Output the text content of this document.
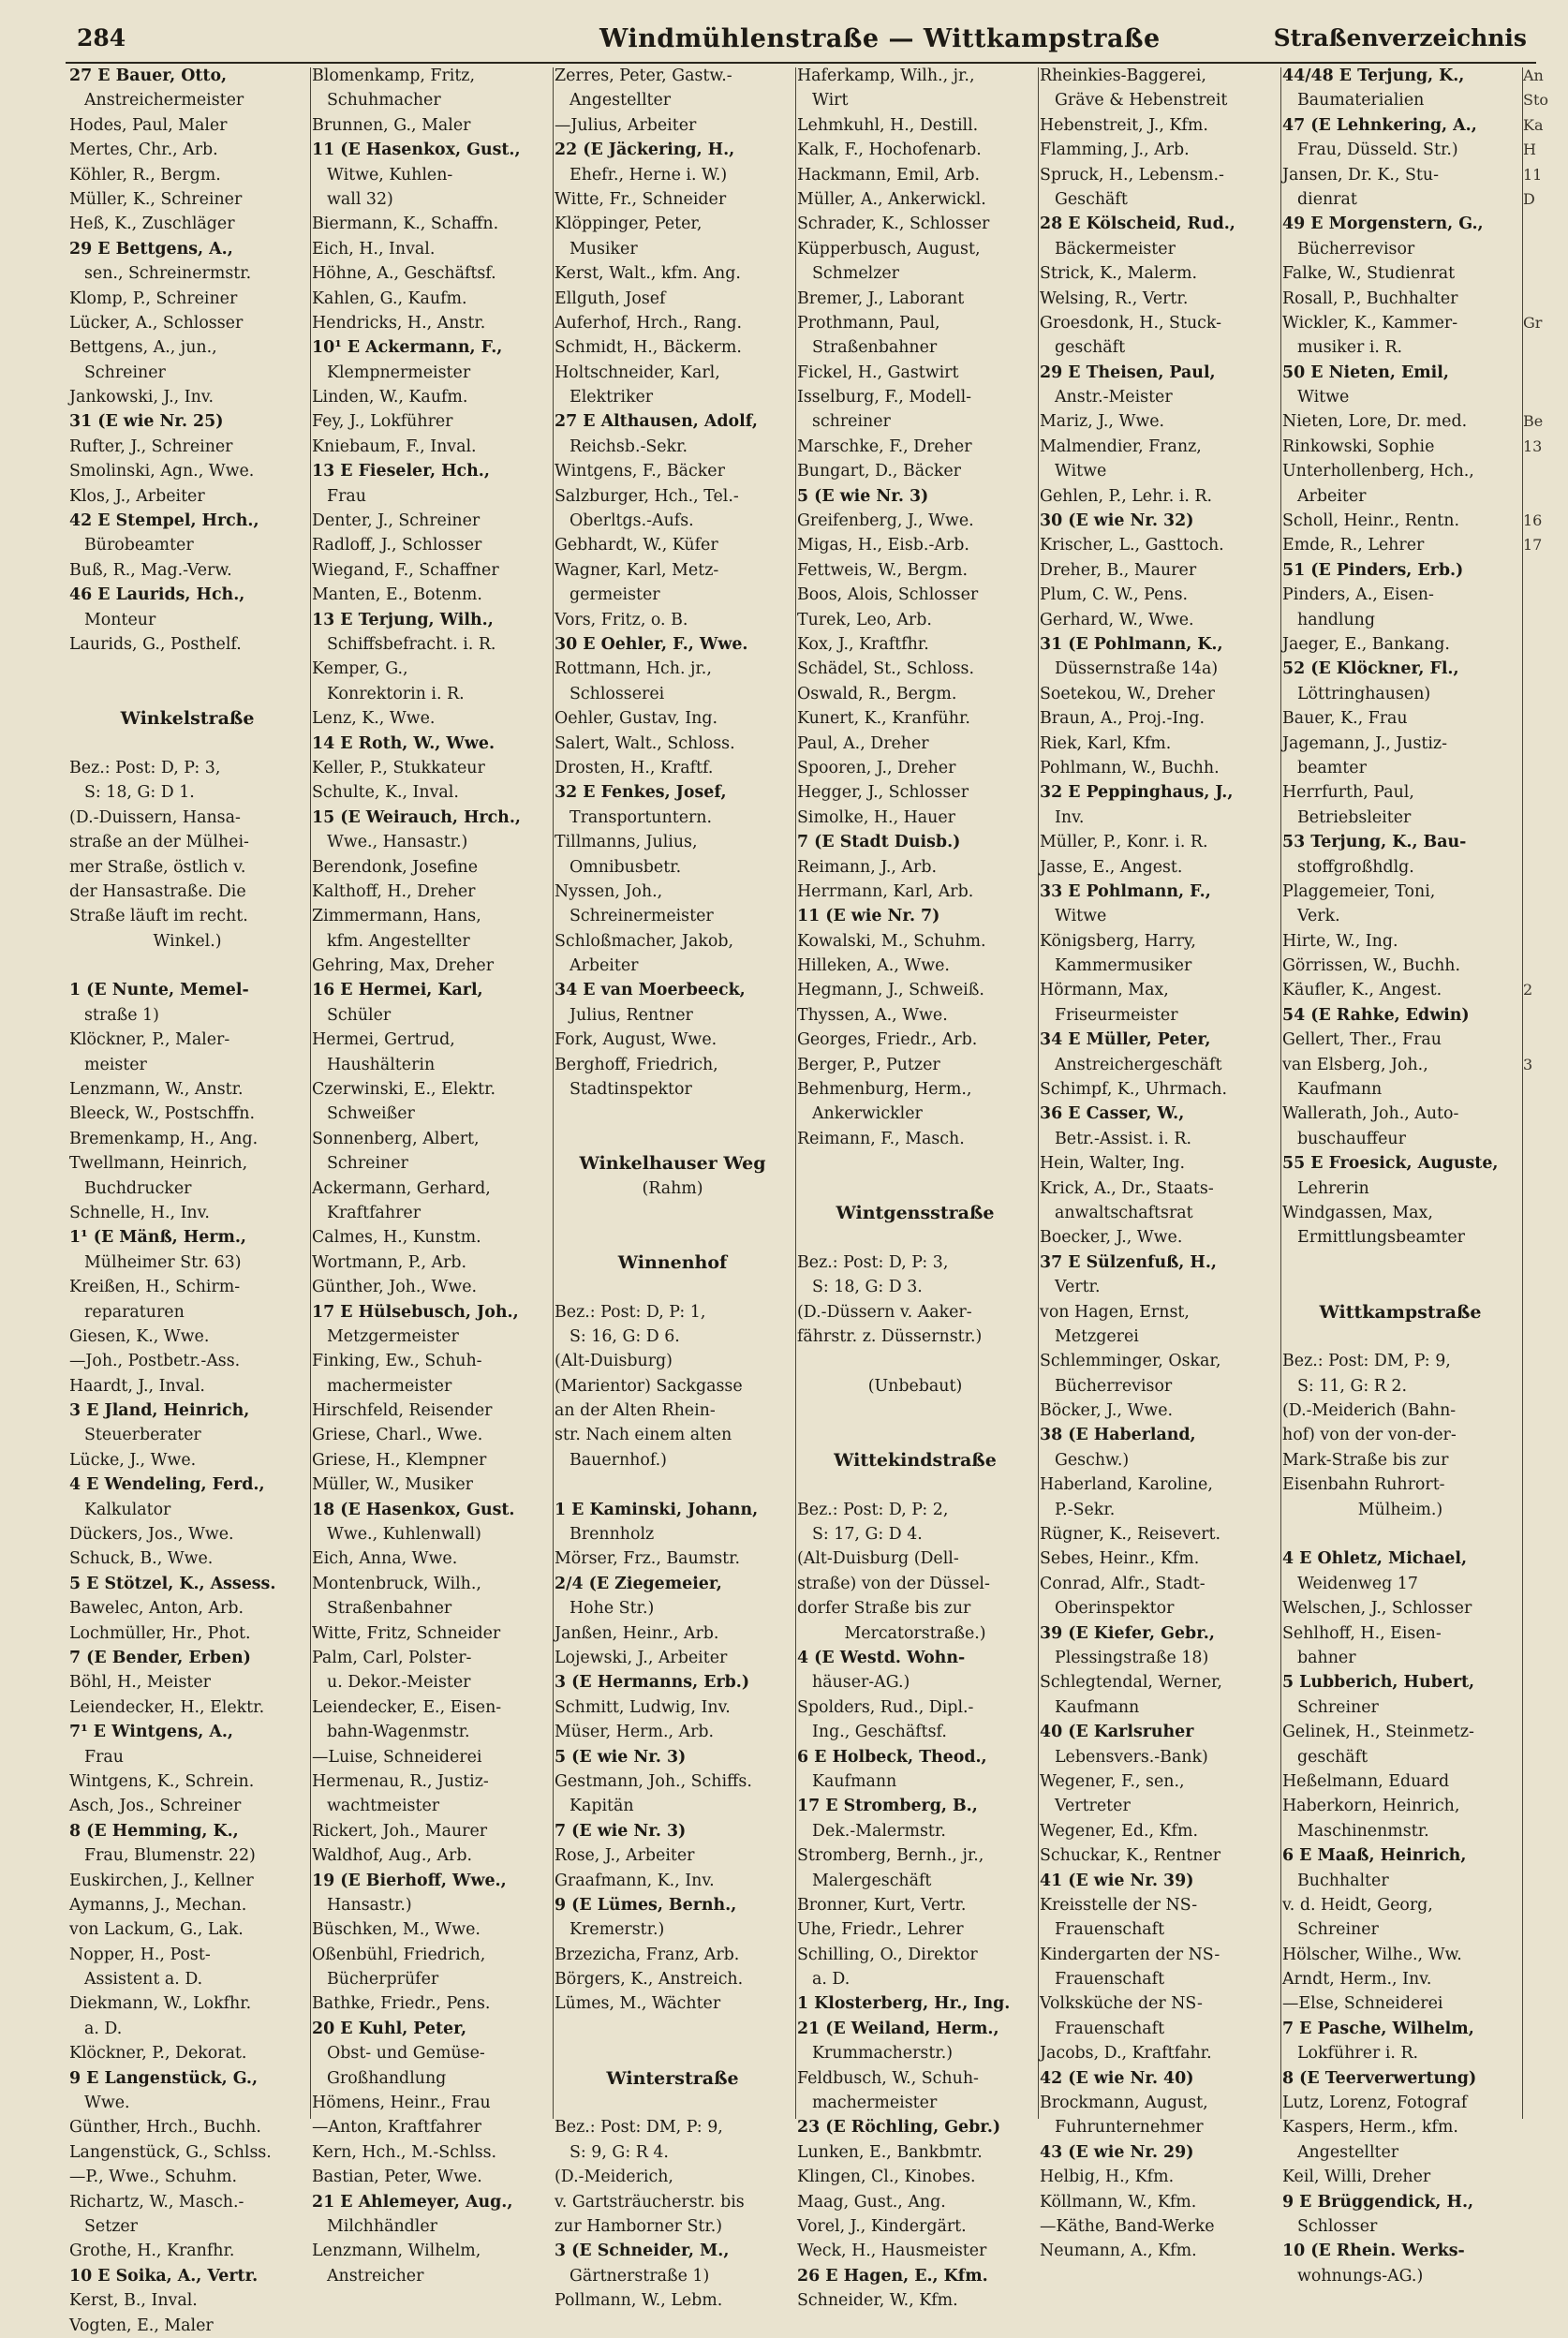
284	Windmühlenstraße — Wittkampstraße	Straßenverzeichnis
27 E Bauer, Otto,
Anstreichermeister
Hodes, Paul, Maler
Mertes, Chr., Arb.
Köhler, R., Bergm.
Müller, K., Schreiner
Heß, K., Zuschläger
29 E Bettgens, A.,
sen., Schreinermstr.
Klomp, P., Schreiner
Lücker, A., Schlosser
Bettgens, A., jun.,
Schreiner
Jankowski, J., Inv.
31 (E wie Nr. 25)
Rufter, J., Schreiner
Smolinski, Agn., Wwe.
Klos, J., Arbeiter
42 E Stempel, Hrch.,
Bürobeamter
Buß, R., Mag.-Verw.
46 E Laurids, Hch.,
Monteur
Laurids, G., Posthelf.
Winkelstraße
Bez.: Post: D, P: 3,
S: 18, G: D 1.
(D.-Duissern, Hansa-
straße an der Mülhei-
mer Straße, östlich v.
der Hansastraße. Die
Straße läuft im recht.
Winkel.)
1 (E Nunte, Memel-
straße 1)
Klöckner, P., Maler-
meister
Lenzmann, W., Anstr.
Bleeck, W., Postschffn.
Bremenkamp, H., Ang.
Twellmann, Heinrich,
Buchdrucker
Schnelle, H., Inv.
1¹ (E Mänß, Herm.,
Mülheimer Str. 63)
Kreißen, H., Schirm-
reparaturen
Giesen, K., Wwe.
—Joh., Postbetr.-Ass.
Haardt, J., Inval.
3 E Jland, Heinrich,
Steuerberater
Lücke, J., Wwe.
4 E Wendeling, Ferd.,
Kalkulator
Dückers, Jos., Wwe.
Schuck, B., Wwe.
5 E Stötzel, K., Assess.
Bawelec, Anton, Arb.
Lochmüller, Hr., Phot.
7 (E Bender, Erben)
Böhl, H., Meister
Leiendecker, H., Elektr.
7¹ E Wintgens, A.,
Frau
Wintgens, K., Schrein.
Asch, Jos., Schreiner
8 (E Hemming, K.,
Frau, Blumenstr. 22)
Euskirchen, J., Kellner
Aymanns, J., Mechan.
von Lackum, G., Lak.
Nopper, H., Post-
Assistent a. D.
Diekmann, W., Lokfhr.
a. D.
Klöckner, P., Dekorat.
9 E Langenstück, G.,
Wwe.
Günther, Hrch., Buchh.
Langenstück, G., Schlss.
—P., Wwe., Schuhm.
Richartz, W., Masch.-
Setzer
Grothe, H., Kranfhr.
10 E Soika, A., Vertr.
Kerst, B., Inval.
Vogten, E., Maler
Blomenkamp, Fritz,
Schuhmacher
Brunnen, G., Maler
11 (E Hasenkox, Gust.,
Witwe, Kuhlen-
wall 32)
Biermann, K., Schaffn.
Eich, H., Inval.
Höhne, A., Geschäftsf.
Kahlen, G., Kaufm.
Hendricks, H., Anstr.
10¹ E Ackermann, F.,
Klempnermeister
Linden, W., Kaufm.
Fey, J., Lokführer
Kniebaum, F., Inval.
13 E Fieseler, Hch.,
Frau
Denter, J., Schreiner
Radloff, J., Schlosser
Wiegand, F., Schaffner
Manten, E., Botenm.
13 E Terjung, Wilh.,
Schiffsbefracht. i. R.
Kemper, G.,
Konrektorin i. R.
Lenz, K., Wwe.
14 E Roth, W., Wwe.
Keller, P., Stukkateur
Schulte, K., Inval.
15 (E Weirauch, Hrch.,
Wwe., Hansastr.)
Berendonk, Josefine
Kalthoff, H., Dreher
Zimmermann, Hans,
kfm. Angestellter
Gehring, Max, Dreher
16 E Hermei, Karl,
Schüler
Hermei, Gertrud,
Haushälterin
Czerwinski, E., Elektr.
Schweißer
Sonnenberg, Albert,
Schreiner
Ackermann, Gerhard,
Kraftfahrer
Calmes, H., Kunstm.
Wortmann, P., Arb.
Günther, Joh., Wwe.
17 E Hülsebusch, Joh.,
Metzgermeister
Finking, Ew., Schuh-
machermeister
Hirschfeld, Reisender
Griese, Charl., Wwe.
Griese, H., Klempner
Müller, W., Musiker
18 (E Hasenkox, Gust.
Wwe., Kuhlenwall)
Eich, Anna, Wwe.
Montenbruck, Wilh.,
Straßenbahner
Witte, Fritz, Schneider
Palm, Carl, Polster-
u. Dekor.-Meister
Leiendecker, E., Eisen-
bahn-Wagenmstr.
—Luise, Schneiderei
Hermenau, R., Justiz-
wachtmeister
Rickert, Joh., Maurer
Waldhof, Aug., Arb.
19 (E Bierhoff, Wwe.,
Hansastr.)
Büschken, M., Wwe.
Oßenbühl, Friedrich,
Bücherprüfer
Bathke, Friedr., Pens.
20 E Kuhl, Peter,
Obst- und Gemüse-
Großhandlung
Hömens, Heinr., Frau
—Anton, Kraftfahrer
Kern, Hch., M.-Schlss.
Bastian, Peter, Wwe.
21 E Ahlemeyer, Aug.,
Milchhändler
Lenzmann, Wilhelm,
Anstreicher
Zerres, Peter, Gastw.-
Angestellter
—Julius, Arbeiter
22 (E Jäckering, H.,
Ehefr., Herne i. W.)
Witte, Fr., Schneider
Klöppinger, Peter,
Musiker
Kerst, Walt., kfm. Ang.
Ellguth, Josef
Auferhof, Hrch., Rang.
Schmidt, H., Bäckerm.
Holtschneider, Karl,
Elektriker
27 E Althausen, Adolf,
Reichsb.-Sekr.
Wintgens, F., Bäcker
Salzburger, Hch., Tel.-
Oberltgs.-Aufs.
Gebhardt, W., Küfer
Wagner, Karl, Metz-
germeister
Vors, Fritz, o. B.
30 E Oehler, F., Wwe.
Rottmann, Hch. jr.,
Schlosserei
Oehler, Gustav, Ing.
Salert, Walt., Schloss.
Drosten, H., Kraftf.
32 E Fenkes, Josef,
Transportuntern.
Tillmanns, Julius,
Omnibusbetr.
Nyssen, Joh.,
Schreinermeister
Schloßmacher, Jakob,
Arbeiter
34 E van Moerbeeck,
Julius, Rentner
Fork, August, Wwe.
Berghoff, Friedrich,
Stadtinspektor
Winkelhauser Weg
(Rahm)
Winnenhof
Bez.: Post: D, P: 1,
S: 16, G: D 6.
(Alt-Duisburg)
(Marientor) Sackgasse
an der Alten Rhein-
str. Nach einem alten
Bauernhof.)
1 E Kaminski, Johann,
Brennholz
Mörser, Frz., Baumstr.
2/4 (E Ziegemeier,
Hohe Str.)
Janßen, Heinr., Arb.
Lojewski, J., Arbeiter
3 (E Hermanns, Erb.)
Schmitt, Ludwig, Inv.
Müser, Herm., Arb.
5 (E wie Nr. 3)
Gestmann, Joh., Schiffs.
Kapitän
7 (E wie Nr. 3)
Rose, J., Arbeiter
Graafmann, K., Inv.
9 (E Lümes, Bernh.,
Kremerstr.)
Brzezicha, Franz, Arb.
Börgers, K., Anstreich.
Lümes, M., Wächter
Winterstraße
Bez.: Post: DM, P: 9,
S: 9, G: R 4.
(D.-Meiderich,
v. Gartsträucherstr. bis
zur Hamborner Str.)
3 (E Schneider, M.,
Gärtnerstraße 1)
Pollmann, W., Lebm.
Haferkamp, Wilh., jr.,
Wirt
Lehmkuhl, H., Destill.
Kalk, F., Hochofenarb.
Hackmann, Emil, Arb.
Müller, A., Ankerwickl.
Schrader, K., Schlosser
Küpperbusch, August,
Schmelzer
Bremer, J., Laborant
Prothmann, Paul,
Straßenbahner
Fickel, H., Gastwirt
Isselburg, F., Modell-
schreiner
Marschke, F., Dreher
Bungart, D., Bäcker
5 (E wie Nr. 3)
Greifenberg, J., Wwe.
Migas, H., Eisb.-Arb.
Fettweis, W., Bergm.
Boos, Alois, Schlosser
Turek, Leo, Arb.
Kox, J., Kraftfhr.
Schädel, St., Schloss.
Oswald, R., Bergm.
Kunert, K., Kranführ.
Paul, A., Dreher
Spooren, J., Dreher
Hegger, J., Schlosser
Simolke, H., Hauer
7 (E Stadt Duisb.)
Reimann, J., Arb.
Herrmann, Karl, Arb.
11 (E wie Nr. 7)
Kowalski, M., Schuhm.
Hilleken, A., Wwe.
Hegmann, J., Schweiß.
Thyssen, A., Wwe.
Georges, Friedr., Arb.
Berger, P., Putzer
Behmenburg, Herm.,
Ankerwickler
Reimann, F., Masch.
Wintgensstraße
Bez.: Post: D, P: 3,
S: 18, G: D 3.
(D.-Düssern v. Aaker-
fährstr. z. Düssernstr.)
(Unbebaut)
Wittekindstraße
Bez.: Post: D, P: 2,
S: 17, G: D 4.
(Alt-Duisburg (Dell-
straße) von der Düssel-
dorfer Straße bis zur
Mercatorstraße.)
4 (E Westd. Wohn-
häuser-AG.)
Spolders, Rud., Dipl.-
Ing., Geschäftsf.
6 E Holbeck, Theod.,
Kaufmann
17 E Stromberg, B.,
Dek.-Malermstr.
Stromberg, Bernh., jr.,
Malergeschäft
Bronner, Kurt, Vertr.
Uhe, Friedr., Lehrer
Schilling, O., Direktor
a. D.
1 Klosterberg, Hr., Ing.
21 (E Weiland, Herm.,
Krummacherstr.)
Feldbusch, W., Schuh-
machermeister
23 (E Röchling, Gebr.)
Lunken, E., Bankbmtr.
Klingen, Cl., Kinobes.
Maag, Gust., Ang.
Vorel, J., Kindergärt.
Weck, H., Hausmeister
26 E Hagen, E., Kfm.
Schneider, W., Kfm.
Rheinkies-Baggerei,
Gräve & Hebenstreit
Hebenstreit, J., Kfm.
Flamming, J., Arb.
Spruck, H., Lebensm.-
Geschäft
28 E Kölscheid, Rud.,
Bäckermeister
Strick, K., Malerm.
Welsing, R., Vertr.
Groesdonk, H., Stuck-
geschäft
29 E Theisen, Paul,
Anstr.-Meister
Mariz, J., Wwe.
Malmendier, Franz,
Witwe
Gehlen, P., Lehr. i. R.
30 (E wie Nr. 32)
Krischer, L., Gasttoch.
Dreher, B., Maurer
Plum, C. W., Pens.
Gerhard, W., Wwe.
31 (E Pohlmann, K.,
Düssernstraße 14a)
Soetekou, W., Dreher
Braun, A., Proj.-Ing.
Riek, Karl, Kfm.
Pohlmann, W., Buchh.
32 E Peppinghaus, J.,
Inv.
Müller, P., Konr. i. R.
Jasse, E., Angest.
33 E Pohlmann, F.,
Witwe
Königsberg, Harry,
Kammermusiker
Hörmann, Max,
Friseurmeister
34 E Müller, Peter,
Anstreichergeschäft
Schimpf, K., Uhrmach.
36 E Casser, W.,
Betr.-Assist. i. R.
Hein, Walter, Ing.
Krick, A., Dr., Staats-
anwaltschaftsrat
Boecker, J., Wwe.
37 E Sülzenfuß, H.,
Vertr.
von Hagen, Ernst,
Metzgerei
Schlemminger, Oskar,
Bücherrevisor
Böcker, J., Wwe.
38 (E Haberland,
Geschw.)
Haberland, Karoline,
P.-Sekr.
Rügner, K., Reisevert.
Sebes, Heinr., Kfm.
Conrad, Alfr., Stadt-
Oberinspektor
39 (E Kiefer, Gebr.,
Plessingstraße 18)
Schlegtendal, Werner,
Kaufmann
40 (E Karlsruher
Lebensvers.-Bank)
Wegener, F., sen.,
Vertreter
Wegener, Ed., Kfm.
Schuckar, K., Rentner
41 (E wie Nr. 39)
Kreisstelle der NS-
Frauenschaft
Kindergarten der NS-
Frauenschaft
Volksküche der NS-
Frauenschaft
Jacobs, D., Kraftfahr.
42 (E wie Nr. 40)
Brockmann, August,
Fuhrunternehmer
43 (E wie Nr. 29)
Helbig, H., Kfm.
Köllmann, W., Kfm.
—Käthe, Band-Werke
Neumann, A., Kfm.
44/48 E Terjung, K.,
Baumaterialien
47 (E Lehnkering, A.,
Frau, Düsseld. Str.)
Jansen, Dr. K., Stu-
dienrat
49 E Morgenstern, G.,
Bücherrevisor
Falke, W., Studienrat
Rosall, P., Buchhalter
Wickler, K., Kammer-
musiker i. R.
50 E Nieten, Emil,
Witwe
Nieten, Lore, Dr. med.
Rinkowski, Sophie
Unterhollenberg, Hch.,
Arbeiter
Scholl, Heinr., Rentn.
Emde, R., Lehrer
51 (E Pinders, Erb.)
Pinders, A., Eisen-
handlung
Jaeger, E., Bankang.
52 (E Klöckner, Fl.,
Löttringhausen)
Bauer, K., Frau
Jagemann, J., Justiz-
beamter
Herrfurth, Paul,
Betriebsleiter
53 Terjung, K., Bau-
stoffgroßhdlg.
Plaggemeier, Toni,
Verk.
Hirte, W., Ing.
Görrissen, W., Buchh.
Käufler, K., Angest.
54 (E Rahke, Edwin)
Gellert, Ther., Frau
van Elsberg, Joh.,
Kaufmann
Wallerath, Joh., Auto-
busch​auffeur
55 E Froesick, Auguste,
Lehrerin
Windgassen, Max,
Ermittlungsbeamter
Wittkampstraße
Bez.: Post: DM, P: 9,
S: 11, G: R 2.
(D.-Meiderich (Bahn-
hof) von der von-der-
Mark-Straße bis zur
Eisenbahn Ruhrort-
Mülheim.)
4 E Ohletz, Michael,
Weidenweg 17
Welschen, J., Schlosser
Sehlhoff, H., Eisen-
bahner
5 Lubberich, Hubert,
Schreiner
Gelinek, H., Steinmetz-
geschäft
Heßelmann, Eduard
Haberkorn, Heinrich,
Maschinenmstr.
6 E Maaß, Heinrich,
Buchhalter
v. d. Heidt, Georg,
Schreiner
Hölscher, Wilhe., Ww.
Arndt, Herm., Inv.
—Else, Schneiderei
7 E Pasche, Wilhelm,
Lokführer i. R.
8 (E Teerverwertung)
Lutz, Lorenz, Fotograf
Kaspers, Herm., kfm.
Angestellter
Keil, Willi, Dreher
9 E Brüggendick, H.,
Schlosser
10 (E Rhein. Werks-
wohnungs-AG.)
An
Sto
Ka
H
11
D
Gr
Be
13
16
17
2
3
